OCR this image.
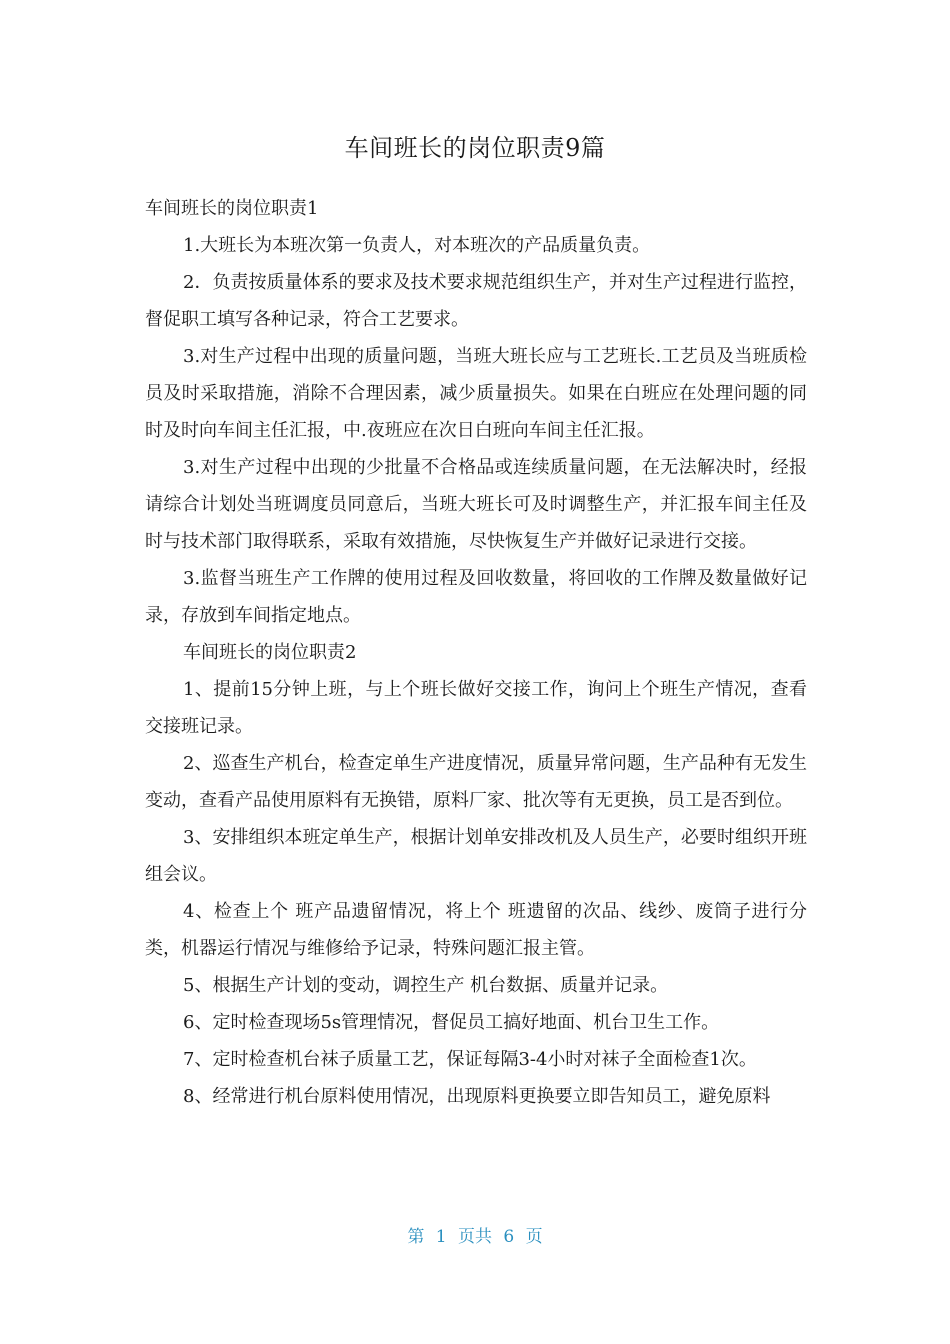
车间班长的岗位职责9篇

车间班长的岗位职责1

1.大班长为本班次第一负责人，对本班次的产品质量负责。

2．负责按质量体系的要求及技术要求规范组织生产，并对生产过程进行监控，督促职工填写各种记录，符合工艺要求。

3.对生产过程中出现的质量问题，当班大班长应与工艺班长.工艺员及当班质检员及时采取措施，消除不合理因素，减少质量损失。如果在白班应在处理问题的同时及时向车间主任汇报，中.夜班应在次日白班向车间主任汇报。

3.对生产过程中出现的少批量不合格品或连续质量问题，在无法解决时，经报请综合计划处当班调度员同意后，当班大班长可及时调整生产，并汇报车间主任及时与技术部门取得联系，采取有效措施，尽快恢复生产并做好记录进行交接。

3.监督当班生产工作牌的使用过程及回收数量，将回收的工作牌及数量做好记录，存放到车间指定地点。

车间班长的岗位职责2

1、提前15分钟上班，与上个班长做好交接工作，询问上个班生产情况，查看交接班记录。

2、巡查生产机台，检查定单生产进度情况，质量异常问题，生产品种有无发生变动，查看产品使用原料有无换错，原料厂家、批次等有无更换，员工是否到位。

3、安排组织本班定单生产，根据计划单安排改机及人员生产，必要时组织开班组会议。

4、检查上个 班产品遗留情况，将上个 班遗留的次品、线纱、废筒子进行分类，机器运行情况与维修给予记录，特殊问题汇报主管。

5、根据生产计划的变动，调控生产 机台数据、质量并记录。

6、定时检查现场5s管理情况，督促员工搞好地面、机台卫生工作。

7、定时检查机台袜子质量工艺，保证每隔3-4小时对袜子全面检查1次。

8、经常进行机台原料使用情况，出现原料更换要立即告知员工，避免原料

第 1 页共 6 页
